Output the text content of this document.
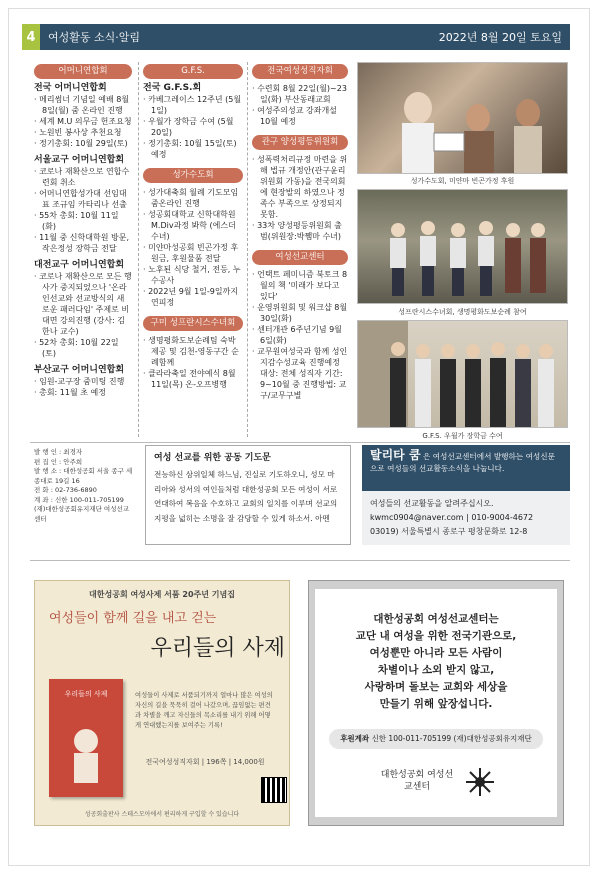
4	여성활동 소식·알림	2022년 8월 20일 토요일
어머니연합회
전국 어머니연합회
· 메리썸너 기념일 예배 8월 8일(월) 줌 온라인 진행
· 세계 M.U 의무금 헌조요청
· 노원빈 봉사상 추천요청
· 정기총회: 10월 29일(토)
서울교구 어머니연합회
· 코로나 재확산으로 연합수련회 취소
· 어머니연합성가대 선임대표 조규임 카타리나 선출
· 55차 총회: 10월 11일(화)
· 11월 중 신학대학원 방문, 작은정성 장학금 전달
대전교구 어머니연합회
· 코로나 재확산으로 모든 행사가 중지되었으나 '온라인선교와 선교방식의 새로운 패러다임' 주제로 비대면 강의진행 (강사: 김한나 교수)
· 52차 총회: 10월 22일(토)
부산교구 어머니연합회
· 임원-교구장 줌미팅 진행
· 총회: 11월 초 예정
G.F.S.
전국 G.F.S.회
· 카베그레이스 12주년 (5월 1일)
· 우월가 장학금 수여 (5월 20일)
· 정기총회: 10월 15일(토) 예정
성가수도회
· 성가대축회 월례 기도모임 줌온라인 진행
· 성공회대학교 신학대학원 M.Div과정 봐학 (에스더 수녀)
· 미얀마성공회 빈곤가정 후원금, 후원물품 전달
· 노후된 식당 철거, 전등, 누수공사
· 2022년 9월 1일-9일까지 연피정
구미 성프란시스수녀회
· 생명평화도보순례팀 숙박제공 및 김천-영동구간 순례함께
· 클라라축일 전야예식 8월 11일(목) 온-오프병행
전국여성성직자회
· 수련회 8월 22일(월)~23일(화) 부산동래교회
· 여성주의성교 강좌개설 10월 예정
관구 양성평등위원회
· 성폭력처리규정 마련을 위해 법규 개정안(관구윤리위원회 가동)을 전국의회에 현장발의 하였으나 정족수 부족으로 상정되지 못함.
· 33차 양성평등위원회 출범(위원장:박쨈마 수녀)
여성선교센터
· 언택트 페미니즘 북토크 8월의 책 '미래가 보다고 있다'
· 운영위원회 및 워크샵 8월 30일(화)
· 센터개관 6주년기념 9월 6일(화)
· 교무원여성국과 함께 성인지감수성교육 진행예정 대상: 전체 성직자 기간: 9~10월 중 진행방법: 교구/교무구별
성가수도회, 미얀마 빈곤가정 후원
성프란시스수녀회, 생명평화도보순례 참여
G.F.S. 우월가 장학금 수여
발 행 인 : 최경자
편 집 인 : 안주희
발 행 소 : 대한성공회 서울 종구 세종대로 19길 16
전 화 : 02-736-6890
계 좌 : 신한 100-011-705199 (재)대한성공회유지재단 여성선교센터
여성 선교를 위한 공동 기도문
전능하신 삼위일체 하느님, 진실로 기도하오니, 성모 마리아와 성서의 여인들처럼 대한성공회 모든 여성이 서로 연대하여 복음을 수호하고 교회의 일치를 이루며 선교의 지평을 넓히는 소명을 잘 감당할 수 있게 하소서. 아멘
탈리타 쿰 은 여성선교센터에서 발행하는 여성신문으로 여성들의 선교활동소식을 나눕니다.
여성들의 선교활동을 알려주십시오.
kwmc0904@naver.com | 010-9004-4672
03019) 서울특별시 종로구 평창문화로 12-8
대한성공회 여성사제 서품 20주년 기념집
여성들이 함께 길을 내고 걷는
우리들의 사제
우리들의 사제	여성들이 사제로 서품되기까지 얼마나 많은 여성의 자신의 길을 묵묵히 걸어 나갔으며, 끊임없는 편견과 차별을 깨고 자신들의 목소리를 내기 위해 어떻게 연대했는지를 보여주는 기록!
전국여성성직자회 | 196쪽 | 14,000원
성공회출판사 스테스모아에서 편리하게 구입할 수 있습니다
대한성공회 여성선교센터는
교단 내 여성을 위한 전국기관으로,
여성뿐만 아니라 모든 사람이
차별이나 소외 받지 않고,
사랑하며 돌보는 교회와 세상을
만들기 위해 앞장섭니다.
후원계좌 신한 100-011-705199 (재)대한성공회유지재단
대한성공회 여성선교센터
